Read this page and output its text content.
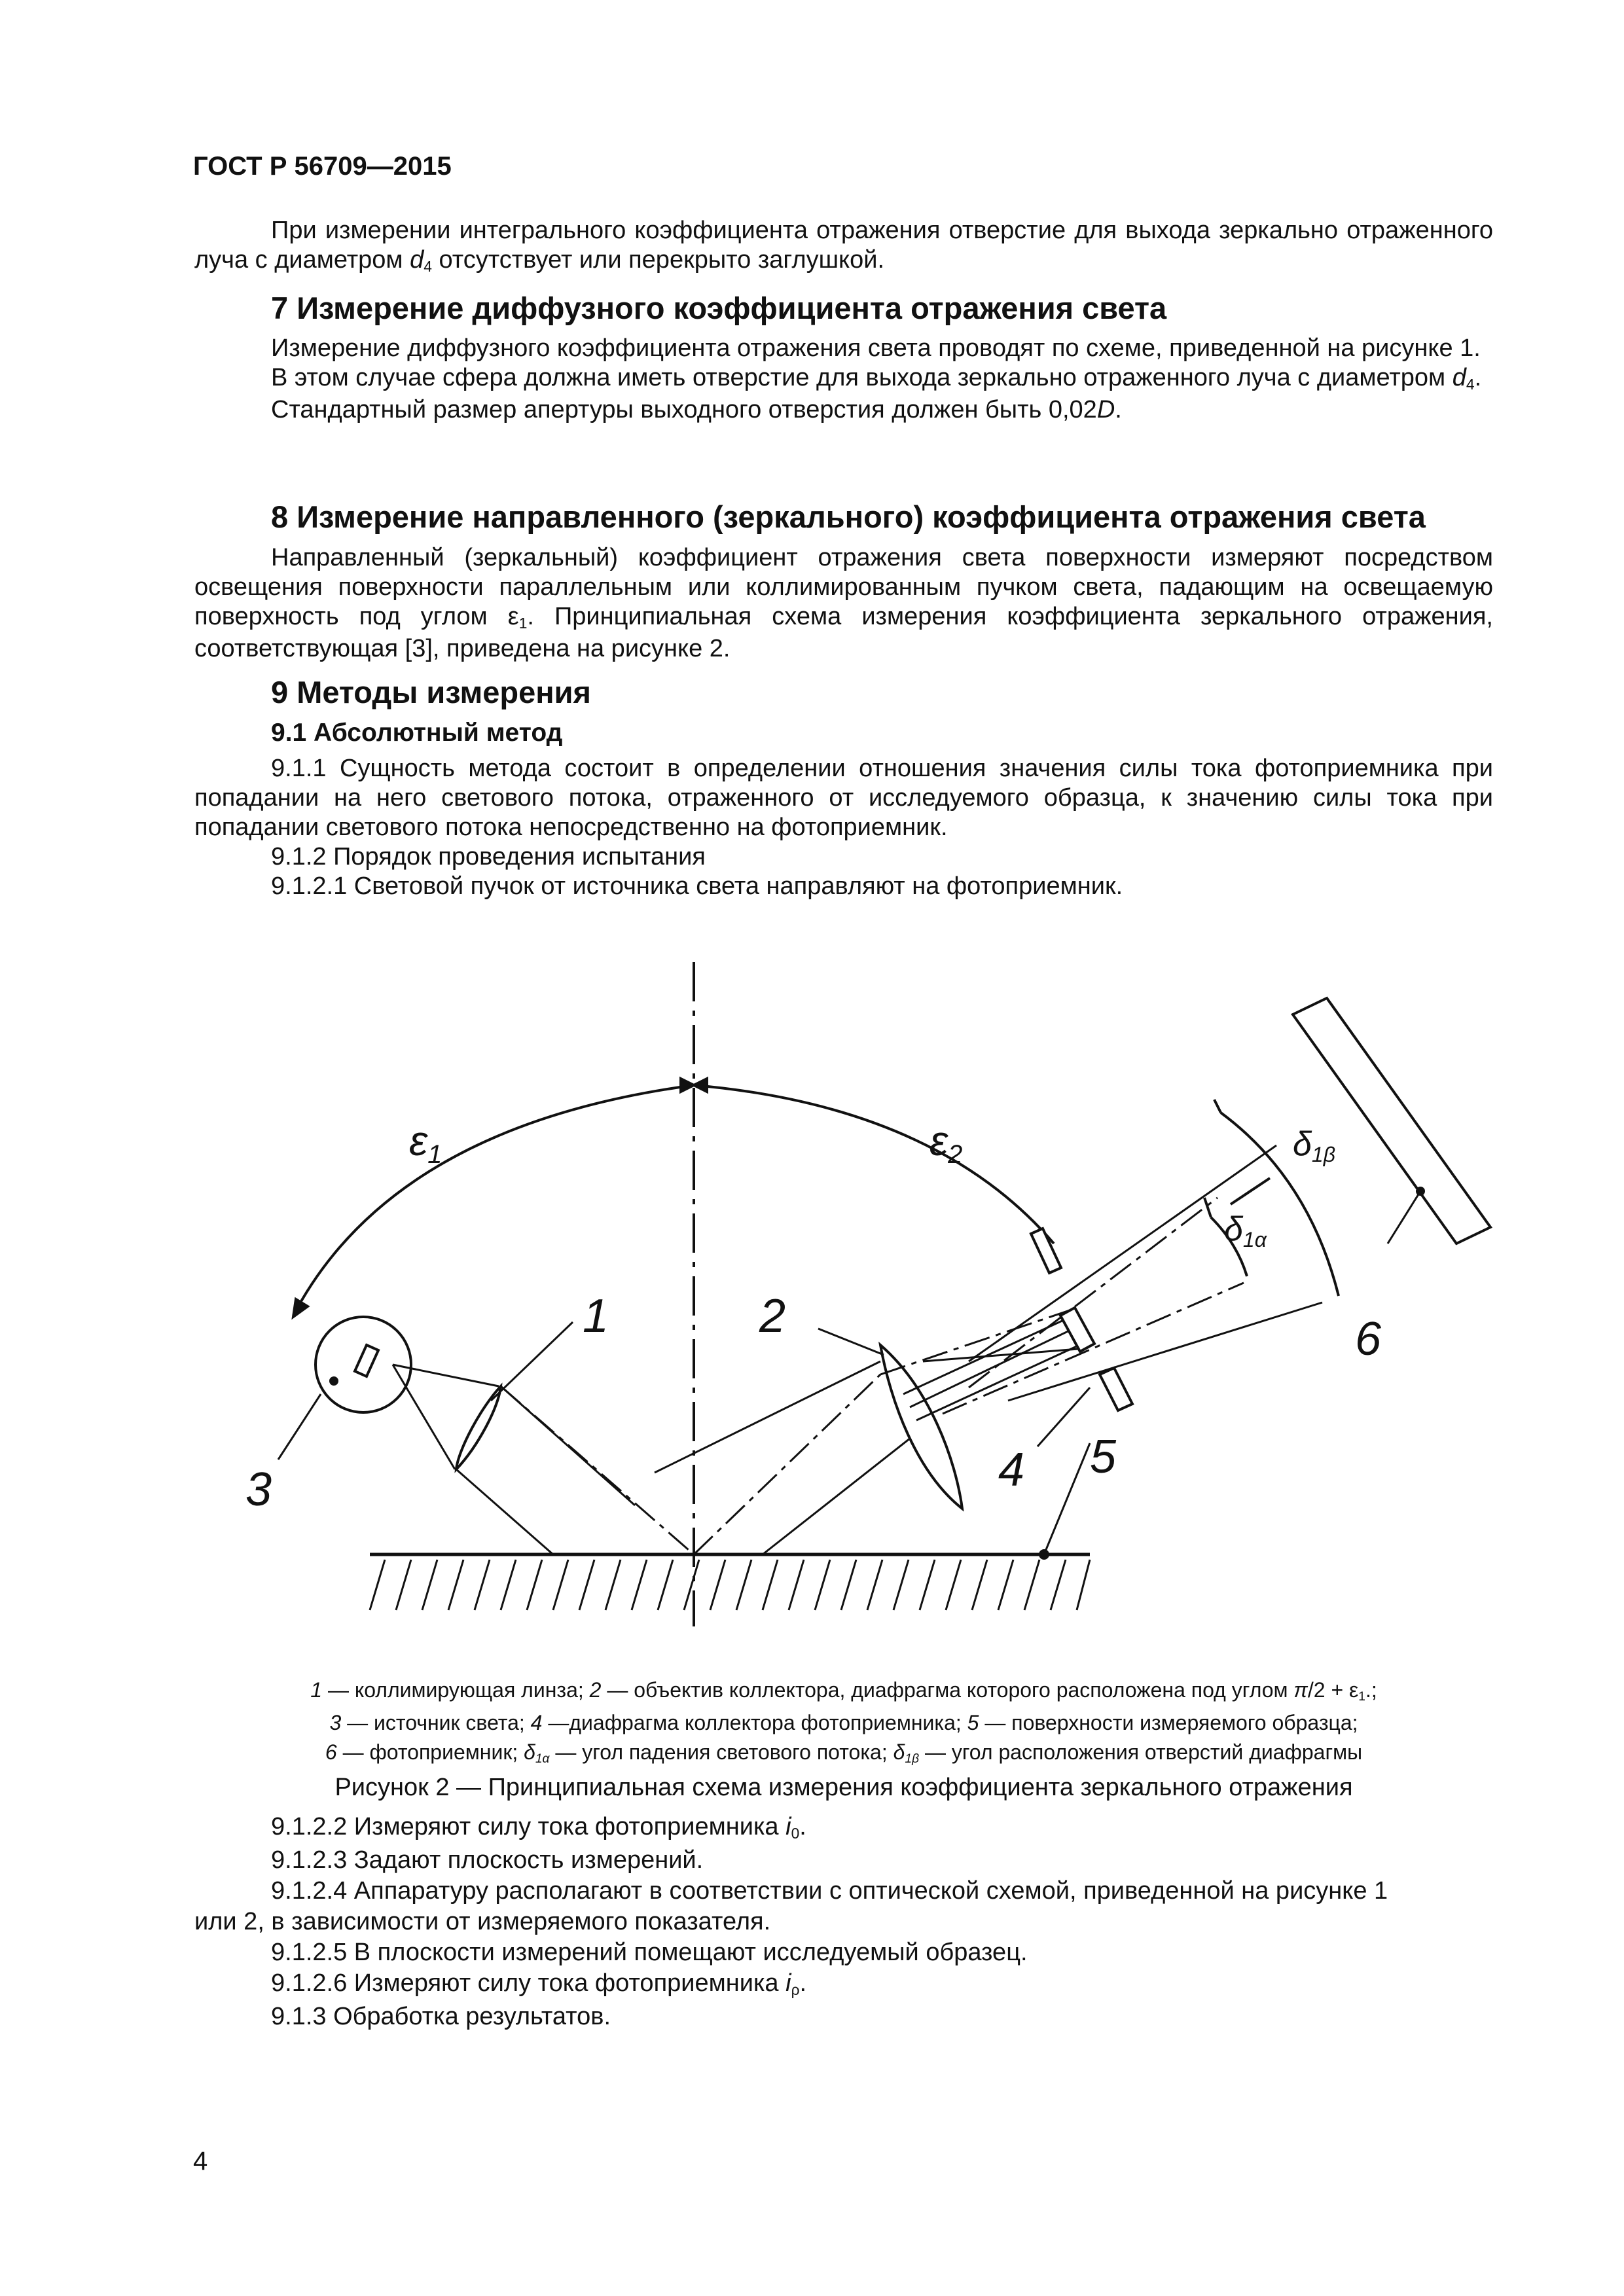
ГОСТ Р 56709—2015

При измерении интегрального коэффициента отражения отверстие для выхода зеркально отраженного луча с диаметром $d_4$ отсутствует или перекрыто заглушкой.

7 Измерение диффузного коэффициента отражения света

Измерение диффузного коэффициента отражения света проводят по схеме, приведенной на рисунке 1.

В этом случае сфера должна иметь отверстие для выхода зеркально отраженного луча с диаметром $d_4$.

Стандартный размер апертуры выходного отверстия должен быть 0,02D.

8 Измерение направленного (зеркального) коэффициента отражения света

Направленный (зеркальный) коэффициент отражения света поверхности измеряют посредством освещения поверхности параллельным или коллимированным пучком света, падающим на освещаемую поверхность под углом $\varepsilon_1$. Принципиальная схема измерения коэффициента зеркального отражения, соответствующая [3], приведена на рисунке 2.

9 Методы измерения
9.1 Абсолютный метод

9.1.1 Сущность метода состоит в определении отношения значения силы тока фотоприемника при попадании на него светового потока, отраженного от исследуемого образца, к значению силы тока при попадании светового потока непосредственно на фотоприемник.

9.1.2 Порядок проведения испытания

9.1.2.1 Световой пучок от источника света направляют на фотоприемник.

ε1	ε2
δ1α
δ1β
1	2
3	4 5
6
1 — коллимирующая линза; 2 — объектив коллектора, диафрагма которого расположена под углом $\pi/2 + \varepsilon_1$.;
3 — источник света; 4 —диафрагма коллектора фотоприемника; 5 — поверхности измеряемого образца;
6 — фотоприемник; $\delta_{1\alpha}$ — угол падения светового потока; $\delta_{1\beta}$ — угол расположения отверстий диафрагмы
Рисунок 2 — Принципиальная схема измерения коэффициента зеркального отражения
9.1.2.2 Измеряют силу тока фотоприемника $i_0$.
9.1.2.3 Задают плоскость измерений.
9.1.2.4 Аппаратуру располагают в соответствии с оптической схемой, приведенной на рисунке 1
или 2, в зависимости от измеряемого показателя.
9.1.2.5 В плоскости измерений помещают исследуемый образец.
9.1.2.6 Измеряют силу тока фотоприемника $i_\rho$.
9.1.3 Обработка результатов.
4
